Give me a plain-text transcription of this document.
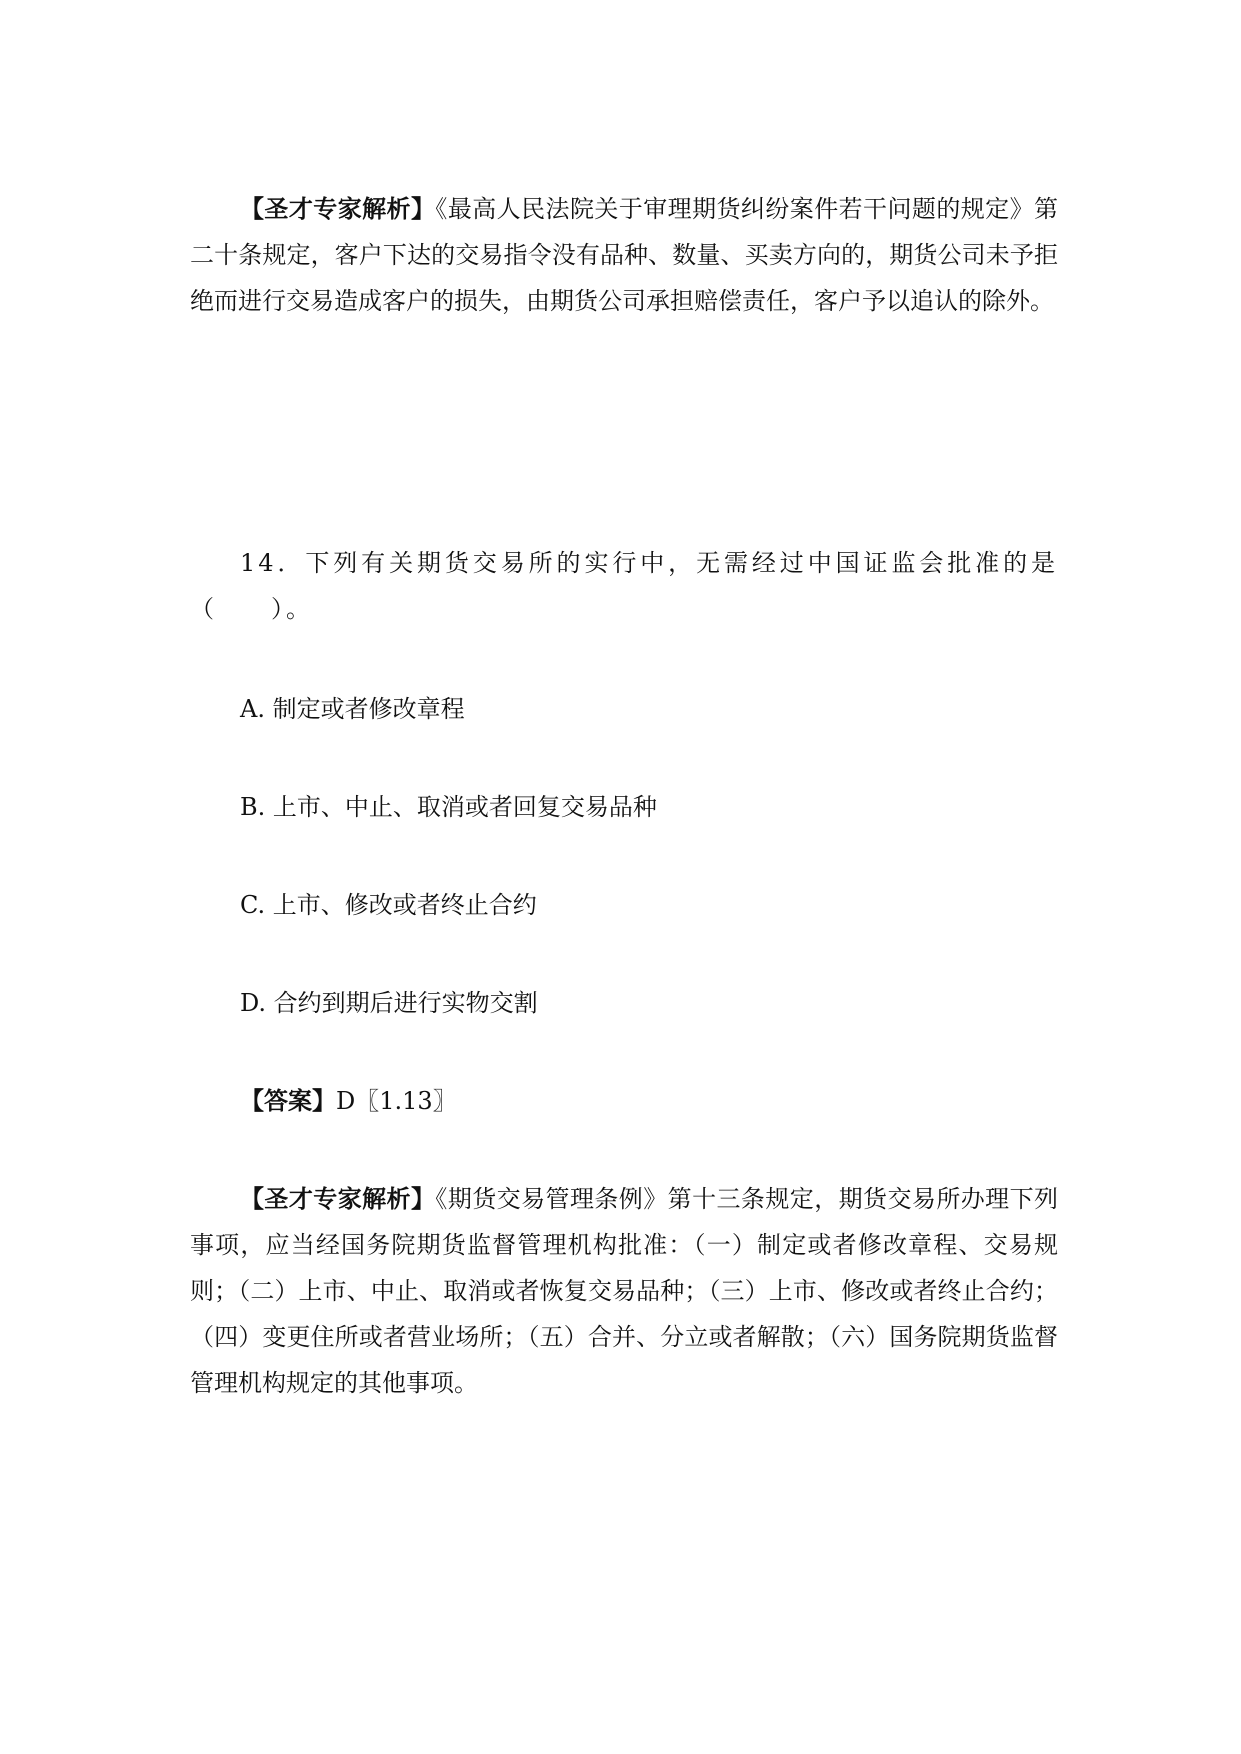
【圣才专家解析】《最高人民法院关于审理期货纠纷案件若干问题的规定》第二十条规定，客户下达的交易指令没有品种、数量、买卖方向的，期货公司未予拒绝而进行交易造成客户的损失，由期货公司承担赔偿责任，客户予以追认的除外。

14．下列有关期货交易所的实行中，无需经过中国证监会批准的是（　　）。

A. 制定或者修改章程
B. 上市、中止、取消或者回复交易品种
C. 上市、修改或者终止合约
D. 合约到期后进行实物交割
【答案】D〖1.13〗

【圣才专家解析】《期货交易管理条例》第十三条规定，期货交易所办理下列事项，应当经国务院期货监督管理机构批准：（一）制定或者修改章程、交易规则；（二）上市、中止、取消或者恢复交易品种；（三）上市、修改或者终止合约；（四）变更住所或者营业场所；（五）合并、分立或者解散；（六）国务院期货监督管理机构规定的其他事项。
